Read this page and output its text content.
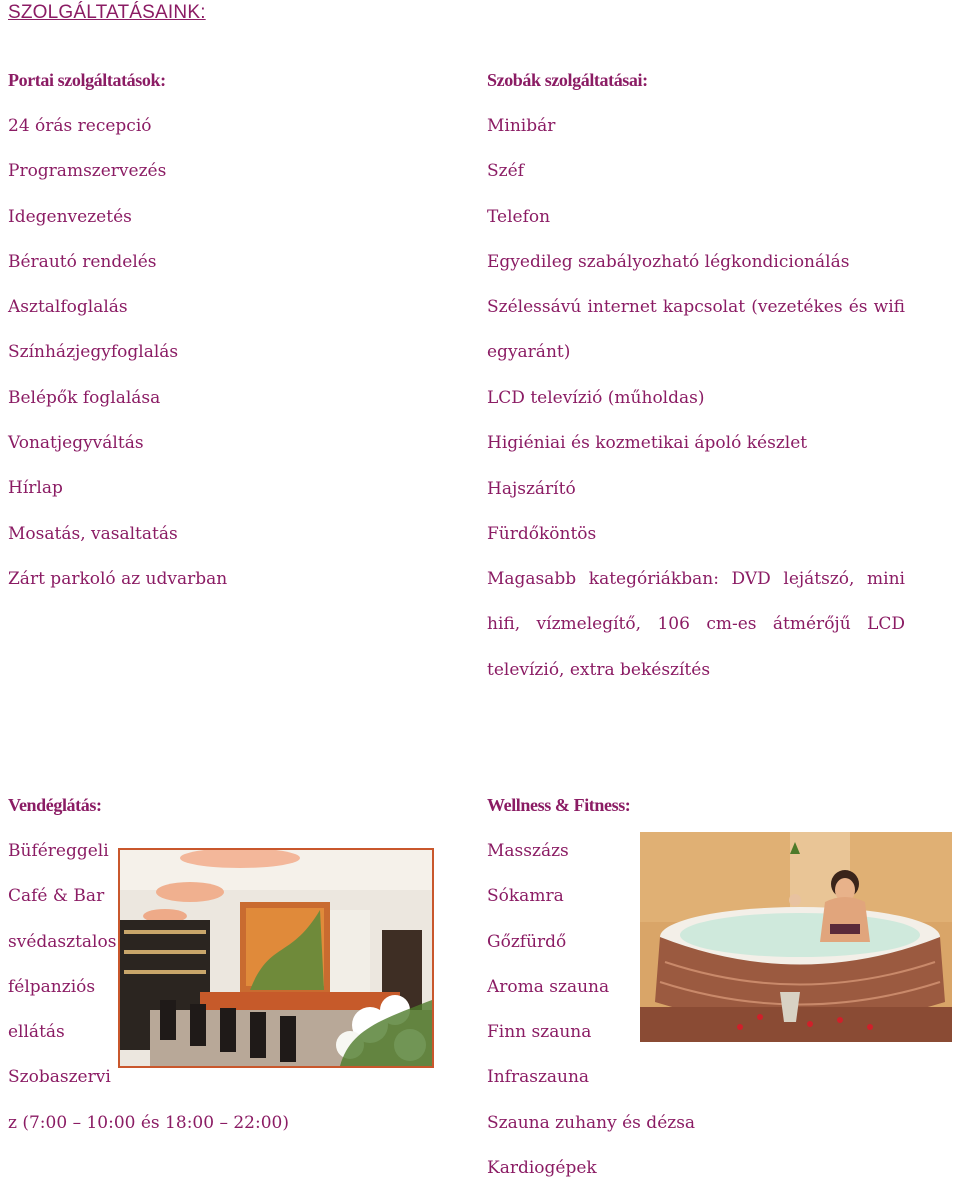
SZOLGÁLTATÁSAINK:
Portai szolgáltatások:
24 órás recepció
Programszervezés
Idegenvezetés
Bérautó rendelés
Asztalfoglalás
Színházjegyfoglalás
Belépők foglalása
Vonatjegyváltás
Hírlap
Mosatás, vasaltatás
Zárt parkoló az udvarban
Szobák szolgáltatásai:
Minibár
Széf
Telefon
Egyedileg szabályozható légkondicionálás
Szélessávú internet kapcsolat (vezetékes és wifi egyaránt)
LCD televízió (műholdas)
Higiéniai és kozmetikai ápoló készlet
Hajszárító
Fürdőköntös
Magasabb kategóriákban: DVD lejátszó, mini hifi, vízmelegítő, 106 cm-es átmérőjű LCD televízió, extra bekészítés
Vendéglátás:
Büféreggeli
Café & Bar
svédasztalos
félpanziós
ellátás
Szobaszervi
z (7:00 – 10:00 és 18:00 – 22:00)
Wellness & Fitness:
Masszázs
Sókamra
Gőzfürdő
Aroma szauna
Finn szauna
Infraszauna
Szauna zuhany és dézsa
Kardiogépek
